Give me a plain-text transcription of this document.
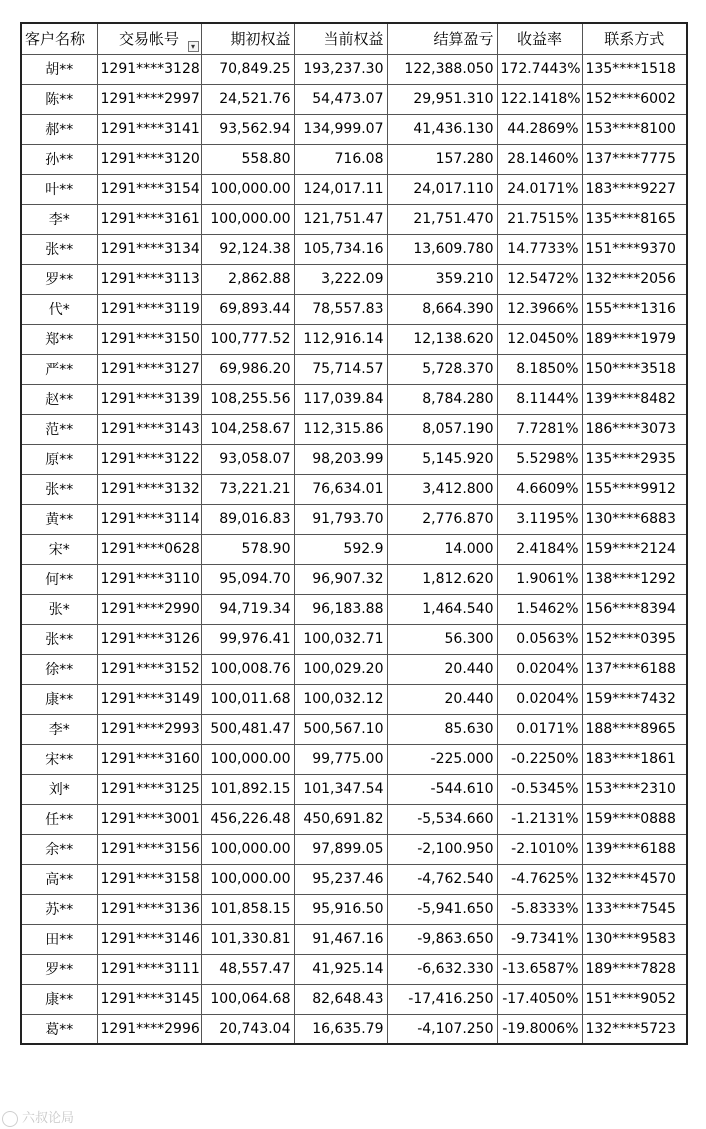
客户名称	交易帐号 ▾	期初权益	当前权益	结算盈亏	收益率	联系方式
胡**	1291****3128	70,849.25	193,237.30	122,388.050	172.7443%	135****1518
陈**	1291****2997	24,521.76	54,473.07	29,951.310	122.1418%	152****6002
郝**	1291****3141	93,562.94	134,999.07	41,436.130	44.2869%	153****8100
孙**	1291****3120	558.80	716.08	157.280	28.1460%	137****7775
叶**	1291****3154	100,000.00	124,017.11	24,017.110	24.0171%	183****9227
李*	1291****3161	100,000.00	121,751.47	21,751.470	21.7515%	135****8165
张**	1291****3134	92,124.38	105,734.16	13,609.780	14.7733%	151****9370
罗**	1291****3113	2,862.88	3,222.09	359.210	12.5472%	132****2056
代*	1291****3119	69,893.44	78,557.83	8,664.390	12.3966%	155****1316
郑**	1291****3150	100,777.52	112,916.14	12,138.620	12.0450%	189****1979
严**	1291****3127	69,986.20	75,714.57	5,728.370	8.1850%	150****3518
赵**	1291****3139	108,255.56	117,039.84	8,784.280	8.1144%	139****8482
范**	1291****3143	104,258.67	112,315.86	8,057.190	7.7281%	186****3073
原**	1291****3122	93,058.07	98,203.99	5,145.920	5.5298%	135****2935
张**	1291****3132	73,221.21	76,634.01	3,412.800	4.6609%	155****9912
黄**	1291****3114	89,016.83	91,793.70	2,776.870	3.1195%	130****6883
宋*	1291****0628	578.90	592.9	14.000	2.4184%	159****2124
何**	1291****3110	95,094.70	96,907.32	1,812.620	1.9061%	138****1292
张*	1291****2990	94,719.34	96,183.88	1,464.540	1.5462%	156****8394
张**	1291****3126	99,976.41	100,032.71	56.300	0.0563%	152****0395
徐**	1291****3152	100,008.76	100,029.20	20.440	0.0204%	137****6188
康**	1291****3149	100,011.68	100,032.12	20.440	0.0204%	159****7432
李*	1291****2993	500,481.47	500,567.10	85.630	0.0171%	188****8965
宋**	1291****3160	100,000.00	99,775.00	-225.000	-0.2250%	183****1861
刘*	1291****3125	101,892.15	101,347.54	-544.610	-0.5345%	153****2310
任**	1291****3001	456,226.48	450,691.82	-5,534.660	-1.2131%	159****0888
余**	1291****3156	100,000.00	97,899.05	-2,100.950	-2.1010%	139****6188
高**	1291****3158	100,000.00	95,237.46	-4,762.540	-4.7625%	132****4570
苏**	1291****3136	101,858.15	95,916.50	-5,941.650	-5.8333%	133****7545
田**	1291****3146	101,330.81	91,467.16	-9,863.650	-9.7341%	130****9583
罗**	1291****3111	48,557.47	41,925.14	-6,632.330	-13.6587%	189****7828
康**	1291****3145	100,064.68	82,648.43	-17,416.250	-17.4050%	151****9052
葛**	1291****2996	20,743.04	16,635.79	-4,107.250	-19.8006%	132****5723
六叔论局
